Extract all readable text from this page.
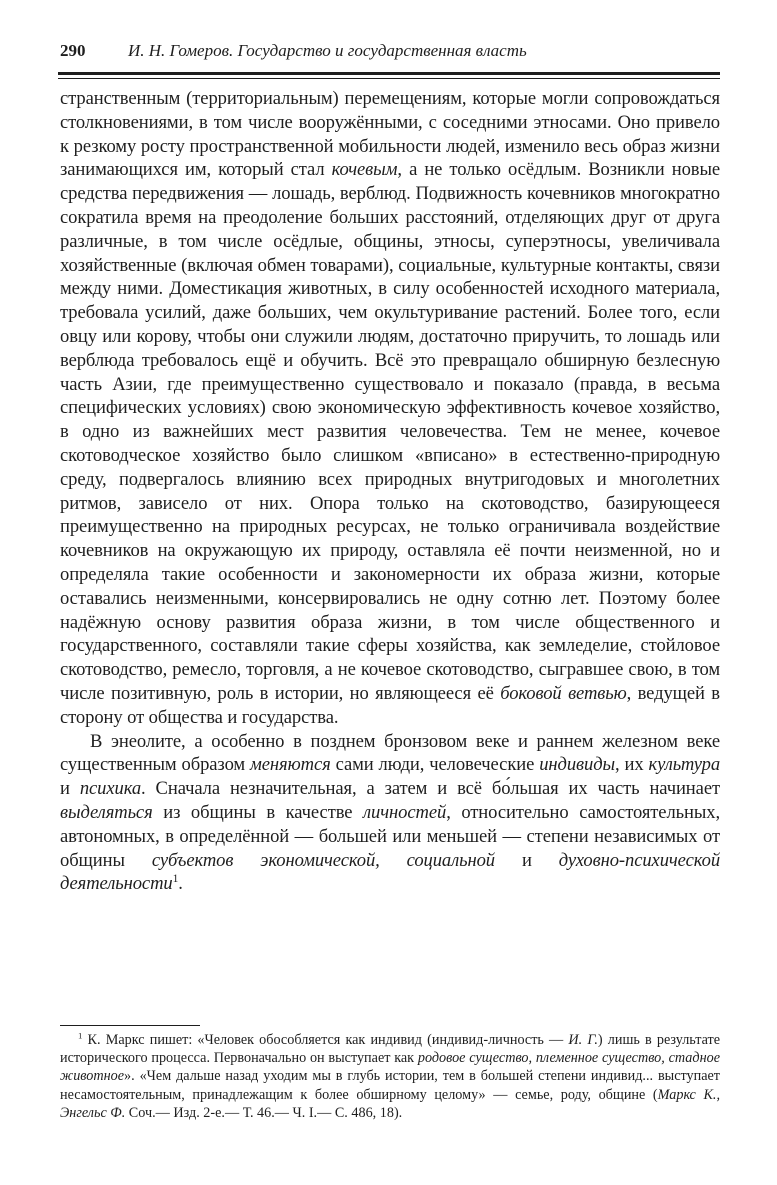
290	И. Н. Гомеров. Государство и государственная власть

странственным (территориальным) перемещениям, которые могли сопровождаться столкновениями, в том числе вооружёнными, с соседними этносами. Оно привело к резкому росту пространственной мобильности людей, изменило весь образ жизни занимающихся им, который стал кочевым, а не только осёдлым. Возникли новые средства передвижения — лошадь, верблюд. Подвижность кочевников многократно сократила время на преодоление больших расстояний, отделяющих друг от друга различные, в том числе осёдлые, общины, этносы, суперэтносы, увеличивала хозяйственные (включая обмен товарами), социальные, культурные контакты, связи между ними. Доместикация животных, в силу особенностей исходного материала, требовала усилий, даже больших, чем окультуривание растений. Более того, если овцу или корову, чтобы они служили людям, достаточно приручить, то лошадь или верблюда требовалось ещё и обучить. Всё это превращало обширную безлесную часть Азии, где преимущественно существовало и показало (правда, в весьма специфических условиях) свою экономическую эффективность кочевое хозяйство, в одно из важнейших мест развития человечества. Тем не менее, кочевое скотоводческое хозяйство было слишком «вписано» в естественно-природную среду, подвергалось влиянию всех природных внутригодовых и многолетних ритмов, зависело от них. Опора только на скотоводство, базирующееся преимущественно на природных ресурсах, не только ограничивала воздействие кочевников на окружающую их природу, оставляла её почти неизменной, но и определяла такие особенности и закономерности их образа жизни, которые оставались неизменными, консервировались не одну сотню лет. Поэтому более надёжную основу развития образа жизни, в том числе общественного и государственного, составляли такие сферы хозяйства, как земледелие, стойловое скотоводство, ремесло, торговля, а не кочевое скотоводство, сыгравшее свою, в том числе позитивную, роль в истории, но являющееся её боковой ветвью, ведущей в сторону от общества и государства.

В энеолите, а особенно в позднем бронзовом веке и раннем железном веке существенным образом меняются сами люди, человеческие индивиды, их культура и психика. Сначала незначительная, а затем и всё бо́льшая их часть начинает выделяться из общины в качестве личностей, относительно самостоятельных, автономных, в определённой — большей или меньшей — степени независимых от общины субъектов экономической, социальной и духовно-психической деятельности$^1$.

$^1$ К. Маркс пишет: «Человек обособляется как индивид (индивид-личность — И. Г.) лишь в результате исторического процесса. Первоначально он выступает как родовое существо, племенное существо, стадное животное». «Чем дальше назад уходим мы в глубь истории, тем в большей степени индивид... выступает несамостоятельным, принадлежащим к более обширному целому» — семье, роду, общине (Маркс К., Энгельс Ф. Соч.— Изд. 2-е.— Т. 46.— Ч. I.— С. 486, 18).
